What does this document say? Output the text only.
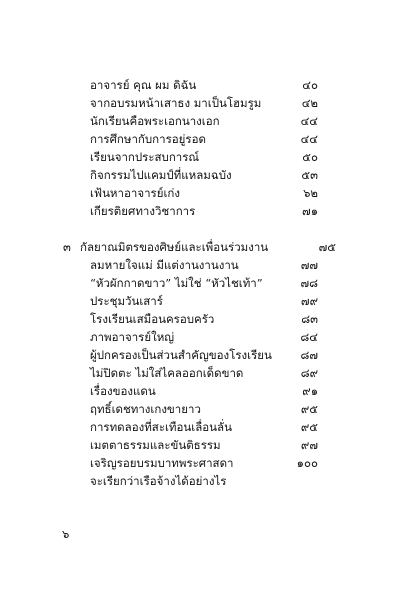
อาจารย์ คุณ ผม ดิฉัน	๔๐
จากอบรมหน้าเสาธง มาเป็นโฮมรูม	๔๒
นักเรียนคือพระเอกนางเอก	๔๔
การศึกษากับการอยู่รอด	๔๔
เรียนจากประสบการณ์	๕๐
กิจกรรมไปแคมป์ที่แหลมฉบัง	๕๓
เฟ้นหาอาจารย์เก่ง	๖๒
เกียรติยศทางวิชาการ	๗๑
๓ กัลยาณมิตรของศิษย์และเพื่อนร่วมงาน	๗๕
ลมหายใจแม่ มีแต่งานงานงาน	๗๗
“หัวผักกาดขาว” ไม่ใช่ “หัวไชเท้า”	๗๘
ประชุมวันเสาร์	๗๙
โรงเรียนเสมือนครอบครัว	๘๓
ภาพอาจารย์ใหญ่	๘๔
ผู้ปกครองเป็นส่วนสำคัญของโรงเรียน ๘๗
ไม่ปิดตะ ไม่ใส่ไคลออกเด็ดขาด	๘๙
เรื่องของแดน	๙๑
ฤทธิ์เดชทางเกงขายาว	๙๕
การทดลองที่สะเทือนเลื่อนลั่น	๙๕
เมตตาธรรมและขันติธรรม	๙๗
เจริญรอยบรมบาทพระศาสดา	๑๐๐
จะเรียกว่าเรือจ้างได้อย่างไร
๖
